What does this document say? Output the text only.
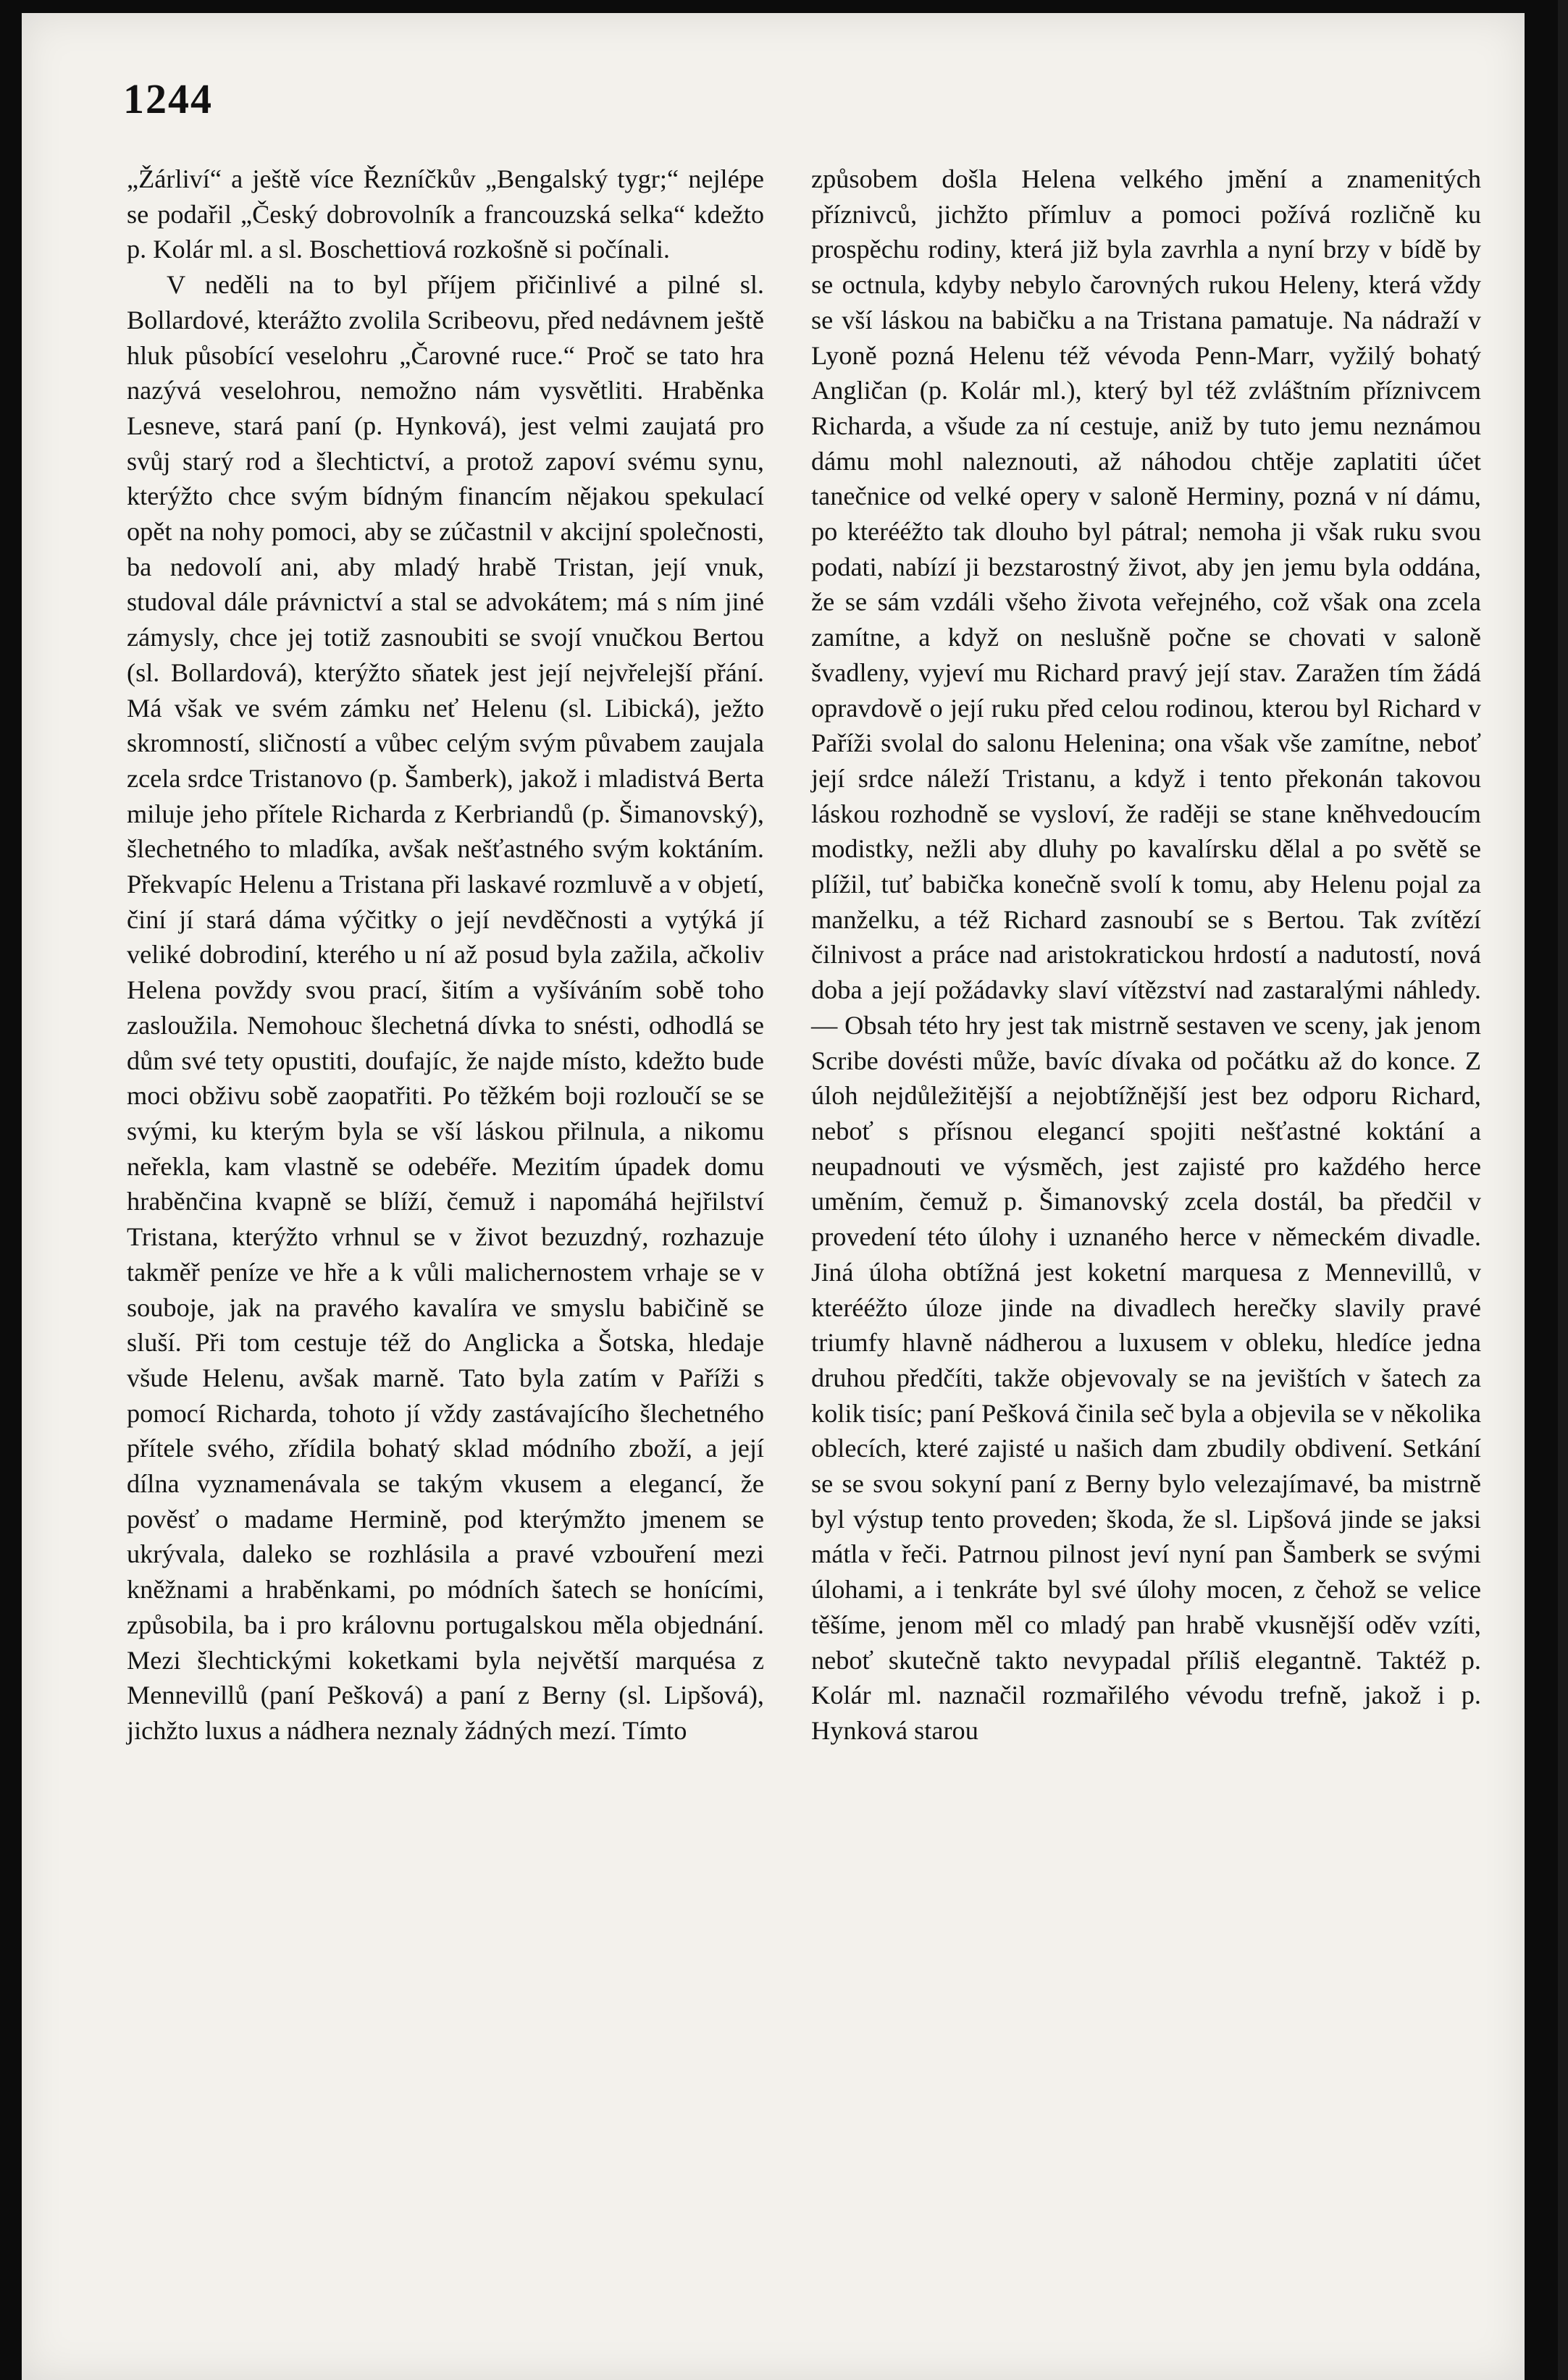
1244

„Žárliví“ a ještě více Řezníčkův „Bengalský tygr;“ nejlépe se podařil „Český dobrovolník a francouzská selka“ kdežto p. Kolár ml. a sl. Boschettiová rozkošně si počínali.

V neděli na to byl příjem přičinlivé a pilné sl. Bollardové, kterážto zvolila Scribeovu, před nedávnem ještě hluk působící veselohru „Čarovné ruce.“ Proč se tato hra nazývá veselohrou, nemožno nám vysvětliti. Hraběnka Lesneve, stará paní (p. Hynková), jest velmi zaujatá pro svůj starý rod a šlechtictví, a protož zapoví svému synu, kterýžto chce svým bídným financím nějakou spekulací opět na nohy pomoci, aby se zúčastnil v akcijní společnosti, ba nedovolí ani, aby mladý hrabě Tristan, její vnuk, studoval dále právnictví a stal se advokátem; má s ním jiné zámysly, chce jej totiž zasnoubiti se svojí vnučkou Bertou (sl. Bollardová), kterýžto sňatek jest její nejvřelejší přání. Má však ve svém zámku neť Helenu (sl. Libická), ježto skromností, sličností a vůbec celým svým půvabem zaujala zcela srdce Tristanovo (p. Šamberk), jakož i mladistvá Berta miluje jeho přítele Richarda z Kerbriandů (p. Šimanovský), šlechetného to mladíka, avšak nešťastného svým koktáním. Překvapíc Helenu a Tristana při laskavé rozmluvě a v objetí, činí jí stará dáma výčitky o její nevděčnosti a vytýká jí veliké dobrodiní, kterého u ní až posud byla zažila, ačkoliv Helena povždy svou prací, šitím a vyšíváním sobě toho zasloužila. Nemohouc šlechetná dívka to snésti, odhodlá se dům své tety opustiti, doufajíc, že najde místo, kdežto bude moci obživu sobě zaopatřiti. Po těžkém boji rozloučí se se svými, ku kterým byla se vší láskou přilnula, a nikomu neřekla, kam vlastně se odebéře. Mezitím úpadek domu hraběnčina kvapně se blíží, čemuž i napomáhá hejřilství Tristana, kterýžto vrhnul se v život bezuzdný, rozhazuje takměř peníze ve hře a k vůli malichernostem vrhaje se v souboje, jak na pravého kavalíra ve smyslu babičině se sluší. Při tom cestuje též do Anglicka a Šotska, hledaje všude Helenu, avšak marně. Tato byla zatím v Paříži s pomocí Richarda, tohoto jí vždy zastávajícího šlechetného přítele svého, zřídila bohatý sklad módního zboží, a její dílna vyznamenávala se takým vkusem a elegancí, že pověsť o madame Hermině, pod kterýmžto jmenem se ukrývala, daleko se rozhlásila a pravé vzbouření mezi kněžnami a hraběnkami, po módních šatech se honícími, způsobila, ba i pro královnu portugalskou měla objednání. Mezi šlechtickými koketkami byla největší marquésa z Mennevillů (paní Pešková) a paní z Berny (sl. Lipšová), jichžto luxus a nádhera neznaly žádných mezí. Tímto

způsobem došla Helena velkého jmění a znamenitých příznivců, jichžto přímluv a pomoci požívá rozličně ku prospěchu rodiny, která již byla zavrhla a nyní brzy v bídě by se octnula, kdyby nebylo čarovných rukou Heleny, která vždy se vší láskou na babičku a na Tristana pamatuje. Na nádraží v Lyoně pozná Helenu též vévoda Penn-Marr, vyžilý bohatý Angličan (p. Kolár ml.), který byl též zvláštním příznivcem Richarda, a všude za ní cestuje, aniž by tuto jemu neznámou dámu mohl naleznouti, až náhodou chtěje zaplatiti účet tanečnice od velké opery v saloně Herminy, pozná v ní dámu, po kterééžto tak dlouho byl pátral; nemoha ji však ruku svou podati, nabízí ji bezstarostný život, aby jen jemu byla oddána, že se sám vzdáli všeho života veřejného, což však ona zcela zamítne, a když on neslušně počne se chovati v saloně švadleny, vyjeví mu Richard pravý její stav. Zaražen tím žádá opravdově o její ruku před celou rodinou, kterou byl Richard v Paříži svolal do salonu Helenina; ona však vše zamítne, neboť její srdce náleží Tristanu, a když i tento překonán takovou láskou rozhodně se vysloví, že raději se stane kněhvedoucím modistky, nežli aby dluhy po kavalírsku dělal a po světě se plížil, tuť babička konečně svolí k tomu, aby Helenu pojal za manželku, a též Richard zasnoubí se s Bertou. Tak zvítězí čilnivost a práce nad aristokratickou hrdostí a nadutostí, nová doba a její požádavky slaví vítězství nad zastaralými náhledy. — Obsah této hry jest tak mistrně sestaven ve sceny, jak jenom Scribe dovésti může, bavíc dívaka od počátku až do konce. Z úloh nejdůležitější a nejobtížnější jest bez odporu Richard, neboť s přísnou elegancí spojiti nešťastné koktání a neupadnouti ve výsměch, jest zajisté pro každého herce uměním, čemuž p. Šimanovský zcela dostál, ba předčil v provedení této úlohy i uznaného herce v německém divadle. Jiná úloha obtížná jest koketní marquesa z Mennevillů, v kterééžto úloze jinde na divadlech herečky slavily pravé triumfy hlavně nádherou a luxusem v obleku, hledíce jedna druhou předčíti, takže objevovaly se na jevištích v šatech za kolik tisíc; paní Pešková činila seč byla a objevila se v několika oblecích, které zajisté u našich dam zbudily obdivení. Setkání se se svou sokyní paní z Berny bylo velezajímavé, ba mistrně byl výstup tento proveden; škoda, že sl. Lipšová jinde se jaksi mátla v řeči. Patrnou pilnost jeví nyní pan Šamberk se svými úlohami, a i tenkráte byl své úlohy mocen, z čehož se velice těšíme, jenom měl co mladý pan hrabě vkusnější oděv vzíti, neboť skutečně takto nevypadal příliš elegantně. Taktéž p. Kolár ml. naznačil rozmařilého vévodu trefně, jakož i p. Hynková starou
